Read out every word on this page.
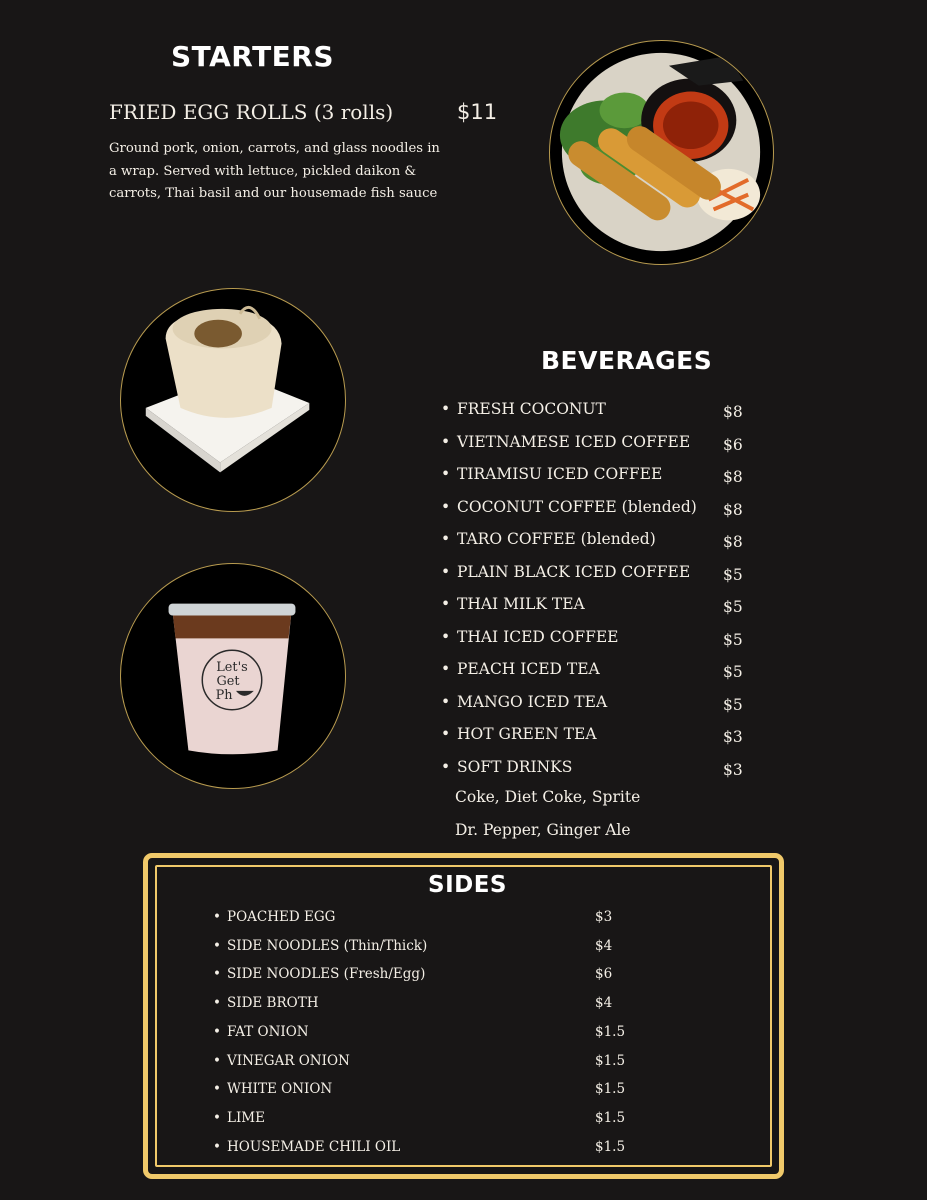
STARTERS
FRIED EGG ROLLS (3 rolls)	$11
Ground pork, onion, carrots, and glass noodles in a wrap. Served with lettuce, pickled daikon & carrots, Thai basil and our housemade fish sauce
Let's
Get
Ph
BEVERAGES
• FRESH COCONUT	$8
• VIETNAMESE ICED COFFEE $6
• TIRAMISU ICED COFFEE	$8
• COCONUT COFFEE (blended) $8
• TARO COFFEE (blended)	$8
• PLAIN BLACK ICED COFFEE $5
• THAI MILK TEA	$5
• THAI ICED COFFEE	$5
• PEACH ICED TEA	$5
• MANGO ICED TEA	$5
• HOT GREEN TEA	$3
• SOFT DRINKS	$3
Coke, Diet Coke, Sprite
Dr. Pepper, Ginger Ale
SIDES
• POACHED EGG	$3
• SIDE NOODLES (Thin/Thick)	$4
• SIDE NOODLES (Fresh/Egg)	$6
• SIDE BROTH	$4
• FAT ONION	$1.5
• VINEGAR ONION	$1.5
• WHITE ONION	$1.5
• LIME	$1.5
• HOUSEMADE CHILI OIL	$1.5
